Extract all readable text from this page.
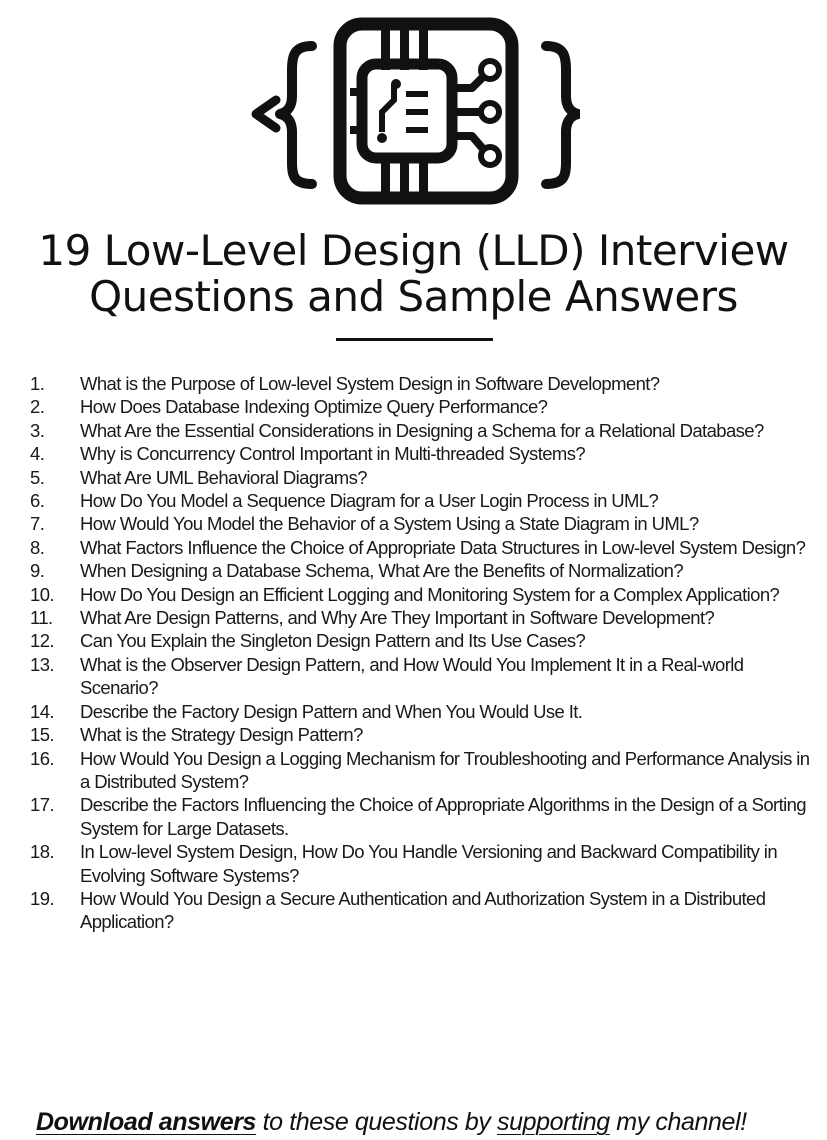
19 Low-Level Design (LLD) Interview
Questions and Sample Answers
1.	What is the Purpose of Low-level System Design in Software Development?
2.	How Does Database Indexing Optimize Query Performance?
3.	What Are the Essential Considerations in Designing a Schema for a Relational Database?
4.	Why is Concurrency Control Important in Multi-threaded Systems?
5.	What Are UML Behavioral Diagrams?
6.	How Do You Model a Sequence Diagram for a User Login Process in UML?
7.	How Would You Model the Behavior of a System Using a State Diagram in UML?
8.	What Factors Influence the Choice of Appropriate Data Structures in Low-level System Design?
9.	When Designing a Database Schema, What Are the Benefits of Normalization?
10.	How Do You Design an Efficient Logging and Monitoring System for a Complex Application?
11.	What Are Design Patterns, and Why Are They Important in Software Development?
12.	Can You Explain the Singleton Design Pattern and Its Use Cases?
13.	What is the Observer Design Pattern, and How Would You Implement It in a Real-world Scenario?
14.	Describe the Factory Design Pattern and When You Would Use It.
15.	What is the Strategy Design Pattern?
16.	How Would You Design a Logging Mechanism for Troubleshooting and Performance Analysis in a Distributed System?
17.	Describe the Factors Influencing the Choice of Appropriate Algorithms in the Design of a Sorting System for Large Datasets.
18.	In Low-level System Design, How Do You Handle Versioning and Backward Compatibility in Evolving Software Systems?
19.	How Would You Design a Secure Authentication and Authorization System in a Distributed Application?
Download answers to these questions by supporting my channel!
